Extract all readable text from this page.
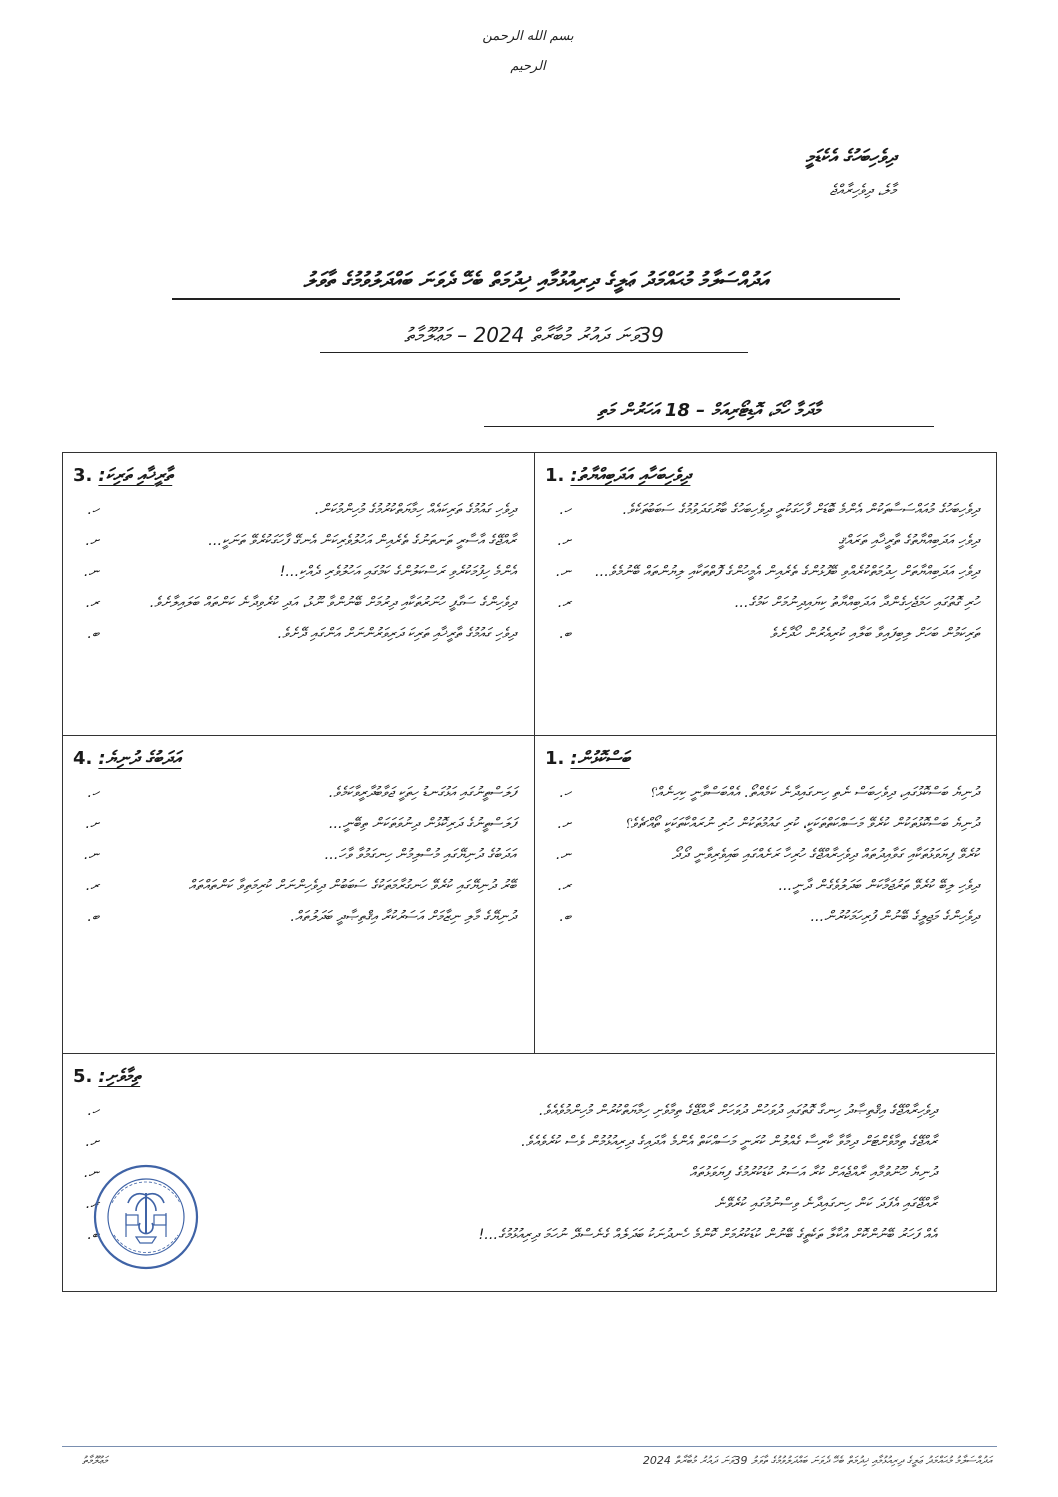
بسم الله الرحمن الرحيم
ދިވެހިބަހުގެ އެކެޑަމީ
މާލެ، ދިވެހިރާއްޖެ
އަދުއްސަލާމު މުޙައްމަދު ޢަލީގެ ދިރިއުޅުމާއި ޚިދުމަތް ބެހޭ ދެވަނަ ބައްދަލުވުމުގެ ތާވަލު
39ވަނަ ދައުރު މުބާރާތް 2024 – މަޢުލޫމާތު
މާދަމާ ހޯމަ، އޮޑިޓޯރިއަމް – 18 އަހަރުން މަތި
1. ދިވެހިބަހާއި އަދަބިއްޔާތު:
ހ.	ދިވެހިބަހުގެ މުއައްސަސާތަކުން އެންމެ ބޮޑަށް ފާހަގަކުރީ ދިވެހިބަހުގެ ބާރުގަދަވުމުގެ ސަބަބުތަކެވެ.
ށ.	ދިވެހި އަދަބިއްޔާތުގެ ތާރީޚާއި ތަރައްޤީ
ނ.	ދިވެހި އަދަބިއްޔާތަށް ހިދުމަތްކުރެއްވި ބޭފުޅުންގެ ތެރެއިން އެމީހުންގެ ފޮތްތަކާއި ލިޔުންތައް ބޭނުމެވެ...
ރ.	ހުރި ގޮތުގައި ހަމަޖެހިގެންދާ އަދަބިއްޔާތު ކިޔައިދިނުމަށް ކަމުގެ...
ބ.	ތަރިކަމުން ބަހަށް ލިބިފައިވާ ބަލާއި ކުރިއެރުން ހޯދާށެވެ
3. ތާރީޚާއި ތަރިކަ:
ހ.	ދިވެހި ގައުމުގެ ތަރިކައެއް ހިމާޔަތްކުރުމުގެ މުހިންމުކަން.
ށ.	ރާއްޖޭގެ އާސާރީ ތަނތަނުގެ ތެރެއިން އަހުލުވެރިކަން އެނގޭ ފާހަގަކުރެވޭ ތަނަކީ...
ނ.	އެންމެ ހިފުމަކުރެވި ރަސްކަލުންގެ ކަމުގައި އަހުލުވެރި ދެއްކި...!
ރ.	ދިވެހިންގެ ސަގާފީ ހުނަރުތަކާއި ދިރުމަށް ބޭނުންވާ ނޫޅު، އަދި ކުރެވިދާނެ ކަންތައް ބަލައިލާށެވެ.
ބ.	ދިވެހި ގައުމުގެ ތާރީޚާއި ތަރިކަ ދަރިވަރުންނަށް އަންގައި ދޭށެވެ.
1. ބަސްކޮޅުން:
ހ.	ދުނިޔެ ބަސްކޮޅުގައި، ދިވެހިބަސް ނެތި ހިނގައިދާނެ ކަމެއްތޯ. އެއްބަސްވާނީ ކިހިނެއް؟
ށ.	ދުނިޔެ ބަސްކޮޅުތަކުން ކުރެވޭ މަސައްކަތްތަކަކީ، ކުރި ގައުމުތަކުން ހުރި ނުރައްކާތަކަކީ ތޯއްޗެވެ؟
ނ.	ކުރެވޭ ފިޔަވަޅުތަކާއި ގަވާއިދުތައް ދިވެހިރާއްޖޭގެ ހުރިހާ ރަށެއްގައި ބައިވެރިވާނީ ދޯދޯ
ރ.	ދިވެހި ލިބޭ ކުރެވޭ ތަރުޖަމާކަން ބަދަލުވެގެން ދާނީ...
ބ.	ދިވެހިންގެ މަޖިލީގެ ބޭނުން ފުރިހަމަކުރުން...
4. އަދަބުގެ ދުނިޔެ:
ހ.	ފަލަސްތީނުގައި އަޅުގަނޑު ހިތަކީ ޖަވާބުދާރީވާކަމެވެ.
ށ.	ފަލަސްތީނުގެ ދަރިކޮޅުން ދިނުވަތަކަން ތިބޭނީ...
ނ.	އަދަބުގެ ދުނިޔޭގައި މުސްލިމުން ހިނގަމުވާ ވާހަ...
ރ.	ބޭރު ދުނިޔޭގައި ކުރެވޭ ހަނގުރާމަތަކުގެ ސަބަބުން ދިވެހިންނަށް ކުރިމަތިވާ ކަންތައްތައް
ބ.	ދުނިޔޭގެ މާލި ނިޒާމަށް އަސަރުކުރާ އިޤްތިޞާދީ ބަދަލުތައް.
5. ތިމާވެށި:
ހ.	ދިވެހިރާއްޖޭގެ އިޤްތިޞާދު ހިނގާ ގޮތުގައި ދުވަހުން ދުވަހަށް ރާއްޖޭގެ ތިމާވެށި ހިމާޔަތްކުރުން މުހިންމުވެއެވެ.
ށ.	ރާއްޖޭގެ ތިމާވެށްޓަށް ދިމާވާ ކާރިސާ ގެއްލުން ކުރަނީ މަސައްކަތް އެންމެ އާދައިގެ ދިރިއުޅުމުން ވެސް ކުރެވެއެވެ.
ނ.	ދުނިޔެ ހޫނުވުމާއި ރާއްޖެއަށް ކުރާ އަސަރު ކުޑަކުރުމުގެ ފިޔަވަޅުތައް
ރ.	ރާއްޖޭގައި އެފަދަ ކަން ހިނގައިދާނެ ވިސްނުމުގައި ކުރެވޭނެ
ބ.	އެއް ފަހަރު ބޭނުންކޮށް އުކާލާ ތަކެތީގެ ބޭނުން ކުޑަކުރުމަށް ކޮންމެ ހެނދުނަކު ބަދަލެއް ގެނެސްދޭ ނުހަމަ ދިރިއުޅުމުގެ...!
މަޢުލޫމާތު	އަދުއްސަލާމު މުޙައްމަދު ޢަލީގެ ދިރިއުޅުމާއި ޚިދުމަތް ބެހޭ ދެވަނަ ބައްދަލުވުމުގެ ތާވަލު 39ވަނަ ދައުރު މުބާރާތް 2024
